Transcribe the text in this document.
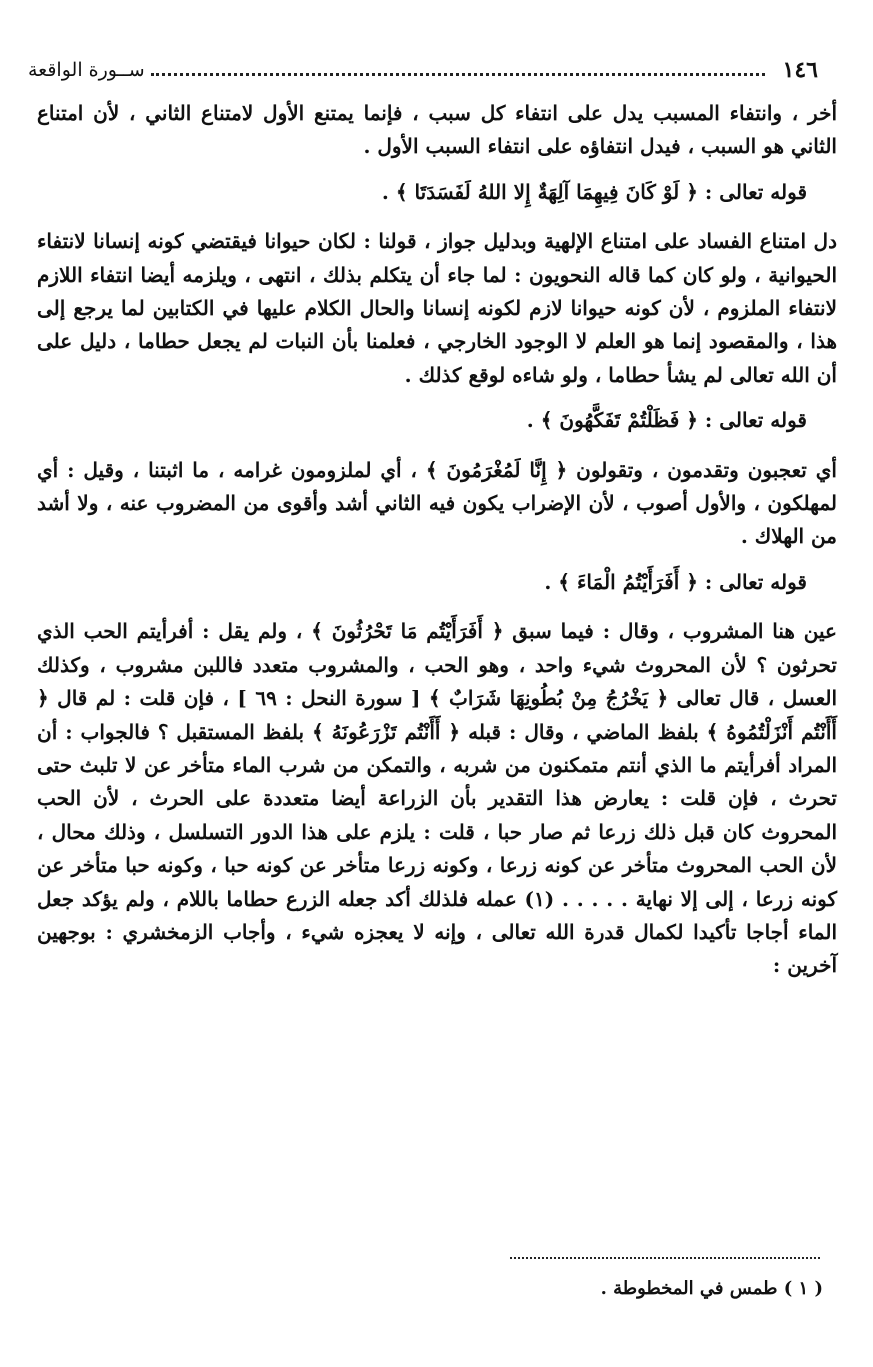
١٤٦
ســورة الواقعة

أخر ، وانتفاء المسبب يدل على انتفاء كل سبب ، فإنما يمتنع الأول لامتناع الثاني ، لأن امتناع الثاني هو السبب ، فيدل انتفاؤه على انتفاء السبب الأول .

قوله تعالى : ﴿ لَوْ كَانَ فِيهِمَا آلِهَةٌ إِلا اللهُ لَفَسَدَتَا ﴾ .

دل امتناع الفساد على امتناع الإلهية وبدليل جواز ، قولنا : لكان حيوانا فيقتضي كونه إنسانا لانتفاء الحيوانية ، ولو كان كما قاله النحويون : لما جاء أن يتكلم بذلك ، انتهى ، ويلزمه أيضا انتفاء اللازم لانتفاء الملزوم ، لأن كونه حيوانا لازم لكونه إنسانا والحال الكلام عليها في الكتابين لما يرجع إلى هذا ، والمقصود إنما هو العلم لا الوجود الخارجي ، فعلمنا بأن النبات لم يجعل حطاما ، دليل على أن الله تعالى لم يشأ حطاما ، ولو شاءه لوقع كذلك .

قوله تعالى : ﴿ فَظَلْتُمْ تَفَكَّهُونَ ﴾ .

أي تعجبون وتقدمون ، وتقولون ﴿ إِنَّا لَمُغْرَمُونَ ﴾ ، أي لملزومون غرامه ، ما اثبتنا ، وقيل : أي لمهلكون ، والأول أصوب ، لأن الإضراب يكون فيه الثاني أشد وأقوى من المضروب عنه ، ولا أشد من الهلاك .

قوله تعالى : ﴿ أَفَرَأَيْتُمُ الْمَاءَ ﴾ .

عين هنا المشروب ، وقال : فيما سبق ﴿ أَفَرَأَيْتُم مَا تَحْرُثُونَ ﴾ ، ولم يقل : أفرأيتم الحب الذي تحرثون ؟ لأن المحروث شيء واحد ، وهو الحب ، والمشروب متعدد فاللبن مشروب ، وكذلك العسل ، قال تعالى ﴿ يَخْرُجُ مِنْ بُطُونِهَا شَرَابٌ ﴾ [ سورة النحل : ٦٩ ] ، فإن قلت : لم قال ﴿ أَأَنْتُم أَنْزَلْتُمُوهُ ﴾ بلفظ الماضي ، وقال : قبله ﴿ أَأَنْتُم تَزْرَعُونَهُ ﴾ بلفظ المستقبل ؟ فالجواب : أن المراد أفرأيتم ما الذي أنتم متمكنون من شربه ، والتمكن من شرب الماء متأخر عن لا تلبث حتى تحرث ، فإن قلت : يعارض هذا التقدير بأن الزراعة أيضا متعددة على الحرث ، لأن الحب المحروث كان قبل ذلك زرعا ثم صار حبا ، قلت : يلزم على هذا الدور التسلسل ، وذلك محال ، لأن الحب المحروث متأخر عن كونه زرعا ، وكونه زرعا متأخر عن كونه حبا ، وكونه حبا متأخر عن كونه زرعا ، إلى إلا نهاية . . . . . (١) عمله فلذلك أكد جعله الزرع حطاما باللام ، ولم يؤكد جعل الماء أجاجا تأكيدا لكمال قدرة الله تعالى ، وإنه لا يعجزه شيء ، وأجاب الزمخشري : بوجهين آخرين :

( ١ ) طمس في المخطوطة .
